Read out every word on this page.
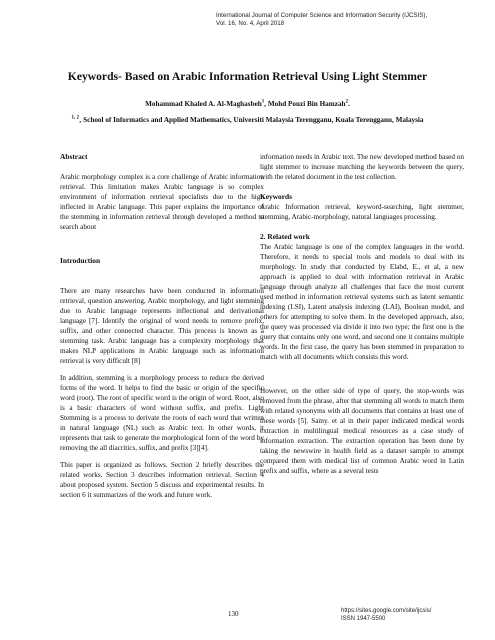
International Journal of Computer Science and Information Security (IJCSIS),
Vol. 16, No. 4, April 2018
Keywords- Based on Arabic Information Retrieval Using Light Stemmer
Mohammad Khaled A. Al-Maghasbeh$^1$, Mohd Pouzi Bin Hamzah$^2$.
$^{1, 2}$‚ School of Informatics and Applied Mathematics, Universiti Malaysia Terengganu, Kuala Terengganu, Malaysia

Abstract

Arabic morphology complex is a core challenge of Arabic information retrieval. This limitation makes Arabic language is so complex environment of information retrieval specialists due to the high inflected in Arabic language. This paper explains the importance of the stemming in information retrieval through developed a method to search about

Introduction

There are many researches have been conducted in information retrieval, question answering, Arabic morphology, and light stemming due to Arabic language represents inflectional and derivational language [7]. Identify the original of word needs to remove prefix, suffix, and other connected character. This process is known as a stemming task. Arabic language has a complexity morphology that makes NLP applications in Arabic language such as information retrieval is very difficult [8]

In addition, stemming is a morphology process to reduce the derived forms of the word. It helps to find the basic or origin of the specific word (root). The root of specific word is the origin of word. Root, also is a basic characters of word without suffix, and prefix. Light Stemming is a process to derivate the roots of each word that written in natural language (NL) such as Arabic text. In other words, it represents that task to generate the morphological form of the word by removing the all diacritics, suffix, and prefix [3][4].

This paper is organized as follows. Section 2 briefly describes the related works. Section 3 describes information retrieval. Section 4 about proposed system. Section 5 discuss and experimental results. In section 6 it summarizes of the work and future work.

information needs in Arabic text. The new developed method based on light stemmer to increase matching the keywords between the query, with the related document in the test collection.

Keywords

Arabic Information retrieval, keyword-searching, light stemmer, stemming, Arabic-morphology, natural languages processing.

2. Related work

The Arabic language is one of the complex languages in the world. Therefore, it needs to special tools and models to deal with its morphology. In study that conducted by Elabd, E., et al, a new approach is applied to deal with information retrieval in Arabic language through analyze all challenges that face the most current used method in information retrieval systems such as latent semantic indexing (LSI), Latent analysis indexing (LAI), Boolean model, and others for attempting to solve them. In the developed approach, also, the query was processed via divide it into two type; the first one is the query that contains only one word, and second one it contains multiple words. In the first case, the query has been stemmed in preparation to match with all documents which consists this word.

However, on the other side of type of query, the stop-words was removed from the phrase, after that stemming all words to match them with related synonyms with all documents that contains at least one of these words [5]. Samy. et al in their paper indicated medical words extraction in multilingual medical resources as a case study of information extraction. The extraction operation has been done by taking the newswire in health field as a dataset sample to attempt compared them with medical list of common Arabic word in Latin prefix and suffix, where as a several tests

130	https://sites.google.com/site/ijcsis/
ISSN 1947-5500
